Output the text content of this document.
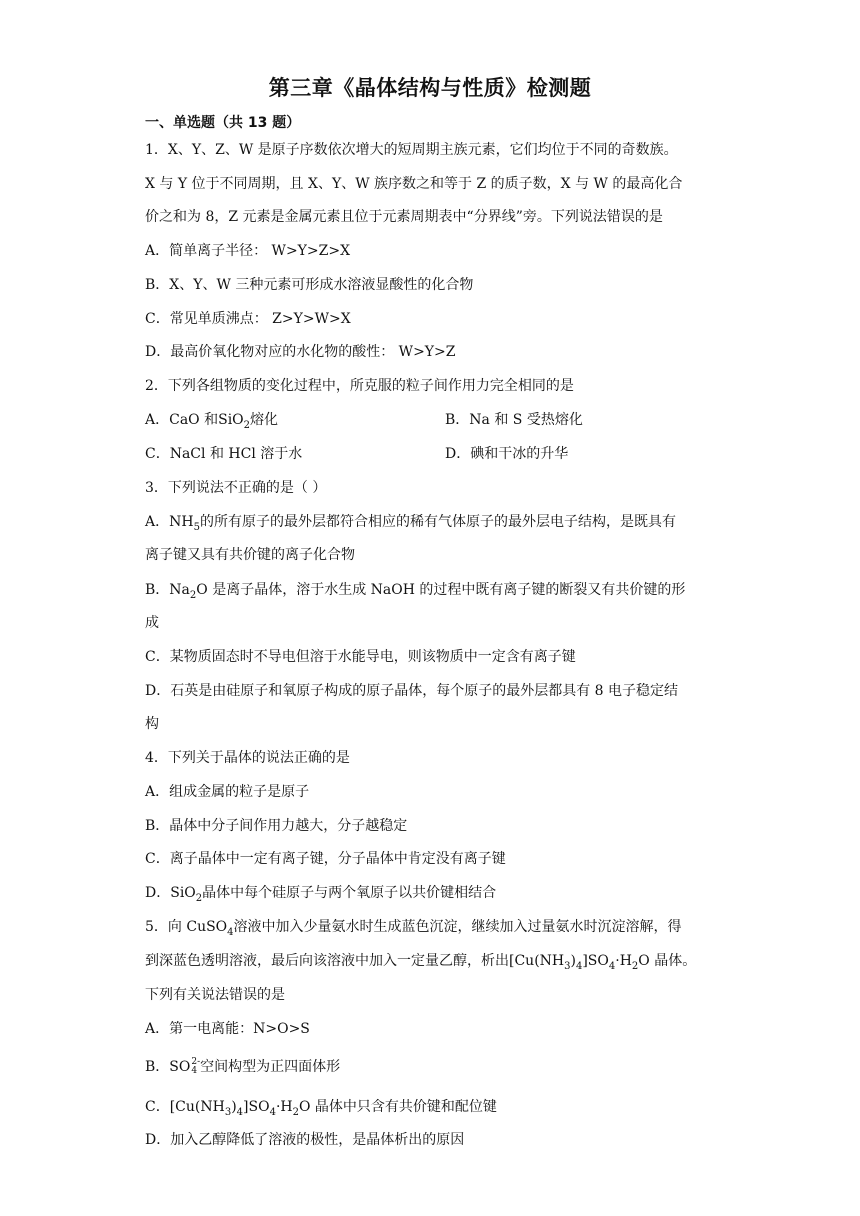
第三章《晶体结构与性质》检测题
一、单选题（共 13 题）
1．X、Y、Z、W 是原子序数依次增大的短周期主族元素，它们均位于不同的奇数族。
X 与 Y 位于不同周期，且 X、Y、W 族序数之和等于 Z 的质子数，X 与 W 的最高化合
价之和为 8，Z 元素是金属元素且位于元素周期表中“分界线”旁。下列说法错误的是
A．简单离子半径： W>Y>Z>X
B．X、Y、W 三种元素可形成水溶液显酸性的化合物
C．常见单质沸点： Z>Y>W>X
D．最高价氧化物对应的水化物的酸性： W>Y>Z
2．下列各组物质的变化过程中，所克服的粒子间作用力完全相同的是
A．CaO 和SiO$_2$熔化	B．Na 和 S 受热熔化
C．NaCl 和 HCl 溶于水	D．碘和干冰的升华
3．下列说法不正确的是（ ）
A．$NH_5$的所有原子的最外层都符合相应的稀有气体原子的最外层电子结构，是既具有
离子键又具有共价键的离子化合物
B．$Na_2O$ 是离子晶体，溶于水生成 NaOH 的过程中既有离子键的断裂又有共价键的形
成
C．某物质固态时不导电但溶于水能导电，则该物质中一定含有离子键
D．石英是由硅原子和氧原子构成的原子晶体，每个原子的最外层都具有 8 电子稳定结
构
4．下列关于晶体的说法正确的是
A．组成金属的粒子是原子
B．晶体中分子间作用力越大，分子越稳定
C．离子晶体中一定有离子键，分子晶体中肯定没有离子键
D．SiO$_2$晶体中每个硅原子与两个氧原子以共价键相结合
5．向 CuSO$_4$溶液中加入少量氨水时生成蓝色沉淀，继续加入过量氨水时沉淀溶解，得
到深蓝色透明溶液，最后向该溶液中加入一定量乙醇，析出$[Cu(NH_3)_4]SO_4\cdot H_2O$ 晶体。
下列有关说法错误的是
A．第一电离能：N>O>S
B．SO 2-
4 空间构型为正四面体形
C．$[Cu(NH_3)_4]SO_4\cdot H_2O$ 晶体中只含有共价键和配位键
D．加入乙醇降低了溶液的极性，是晶体析出的原因
